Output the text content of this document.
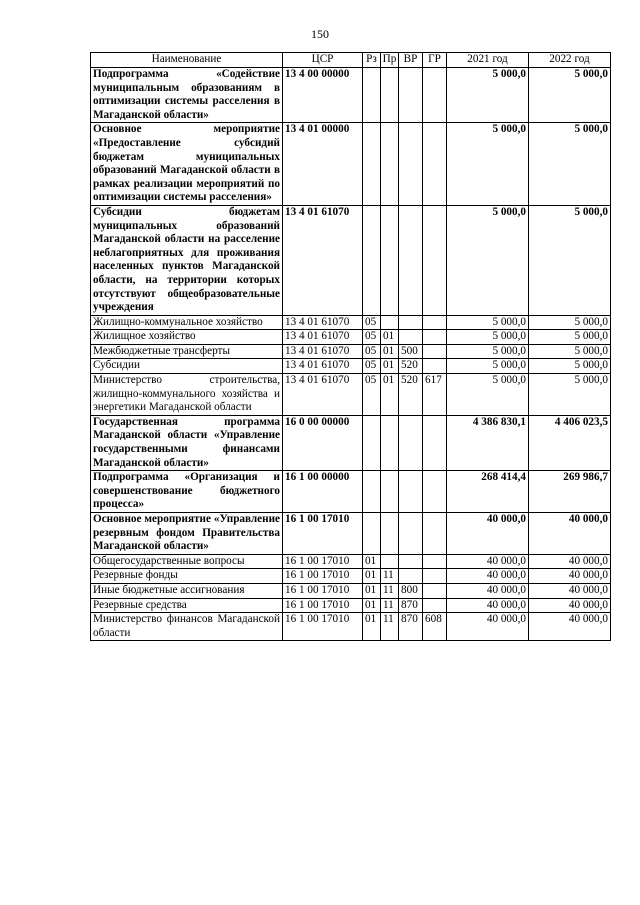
150
Наименование	ЦСР	Рз	Пр	ВР	ГР	2021 год	2022 год
Подпрограмма «Содействие муниципальным образованиям в оптимизации системы расселения в Магаданской области»	13 4 00 00000					5 000,0	5 000,0
Основное мероприятие «Предоставление субсидий бюджетам муниципальных образований Магаданской области в рамках реализации мероприятий по оптимизации системы расселения»	13 4 01 00000					5 000,0	5 000,0
Субсидии бюджетам муниципальных образований Магаданской области на расселение неблагоприятных для проживания населенных пунктов Магаданской области, на территории которых отсутствуют общеобразовательные учреждения	13 4 01 61070					5 000,0	5 000,0
Жилищно-коммунальное хозяйство	13 4 01 61070	05				5 000,0	5 000,0
Жилищное хозяйство	13 4 01 61070	05	01			5 000,0	5 000,0
Межбюджетные трансферты	13 4 01 61070	05	01	500		5 000,0	5 000,0
Субсидии	13 4 01 61070	05	01	520		5 000,0	5 000,0
Министерство строительства, жилищно-коммунального хозяйства и энергетики Магаданской области	13 4 01 61070	05	01	520	617	5 000,0	5 000,0
Государственная программа Магаданской области «Управление государственными финансами Магаданской области»	16 0 00 00000					4 386 830,1	4 406 023,5
Подпрограмма «Организация и совершенствование бюджетного процесса»	16 1 00 00000					268 414,4	269 986,7
Основное мероприятие «Управление резервным фондом Правительства Магаданской области»	16 1 00 17010					40 000,0	40 000,0
Общегосударственные вопросы	16 1 00 17010	01				40 000,0	40 000,0
Резервные фонды	16 1 00 17010	01	11			40 000,0	40 000,0
Иные бюджетные ассигнования	16 1 00 17010	01	11	800		40 000,0	40 000,0
Резервные средства	16 1 00 17010	01	11	870		40 000,0	40 000,0
Министерство финансов Магаданской области	16 1 00 17010	01	11	870	608	40 000,0	40 000,0
